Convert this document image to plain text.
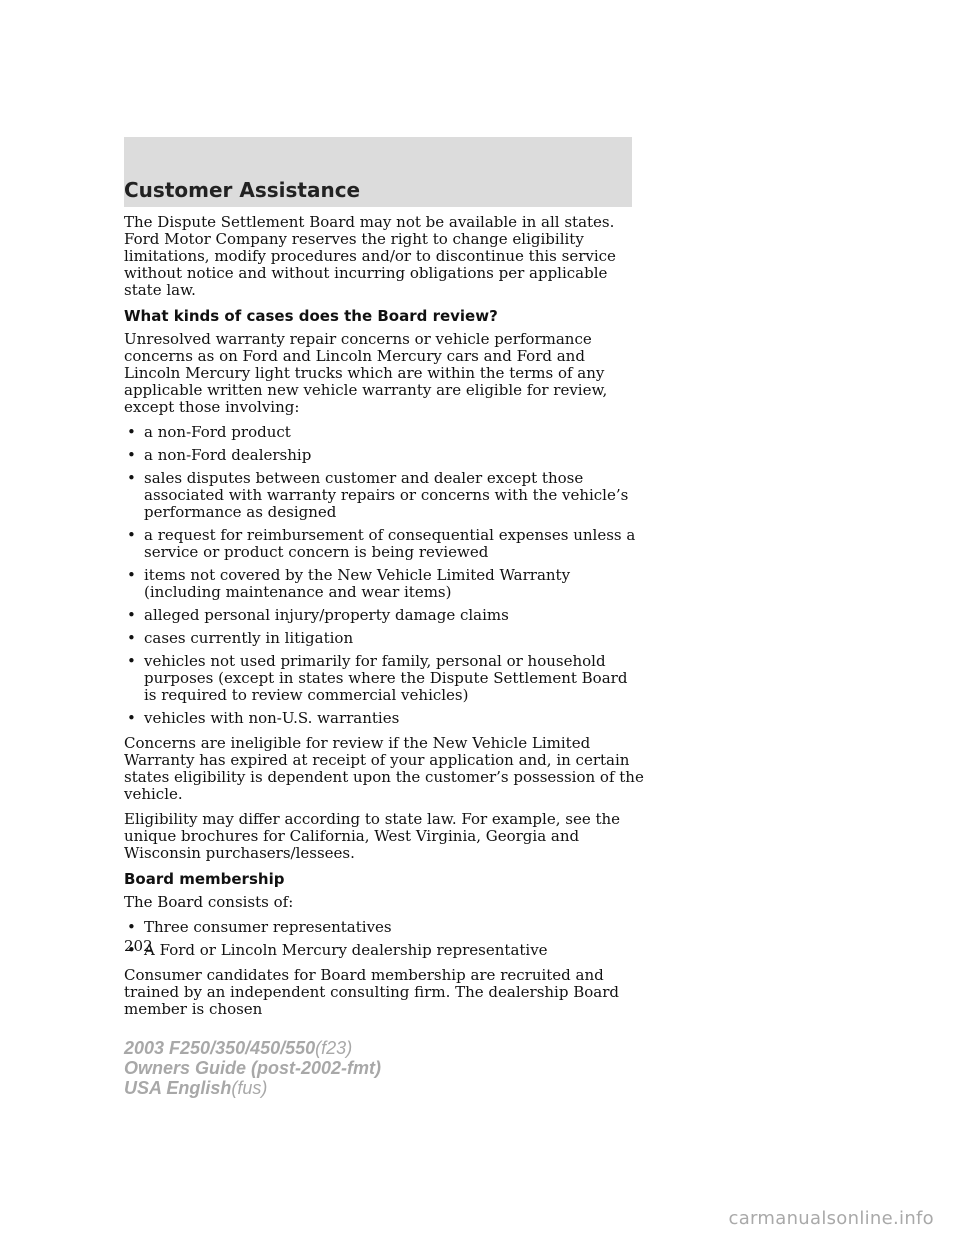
Customer Assistance

The Dispute Settlement Board may not be available in all states. Ford Motor Company reserves the right to change eligibility limitations, modify procedures and/or to discontinue this service without notice and without incurring obligations per applicable state law.

What kinds of cases does the Board review?

Unresolved warranty repair concerns or vehicle performance concerns as on Ford and Lincoln Mercury cars and Ford and Lincoln Mercury light trucks which are within the terms of any applicable written new vehicle warranty are eligible for review, except those involving:

• a non-Ford product
• a non-Ford dealership
• sales disputes between customer and dealer except those associated with warranty repairs or concerns with the vehicle’s performance as designed
• a request for reimbursement of consequential expenses unless a service or product concern is being reviewed
• items not covered by the New Vehicle Limited Warranty (including maintenance and wear items)
• alleged personal injury/property damage claims
• cases currently in litigation
• vehicles not used primarily for family, personal or household purposes (except in states where the Dispute Settlement Board is required to review commercial vehicles)
• vehicles with non-U.S. warranties

Concerns are ineligible for review if the New Vehicle Limited Warranty has expired at receipt of your application and, in certain states eligibility is dependent upon the customer’s possession of the vehicle.

Eligibility may differ according to state law. For example, see the unique brochures for California, West Virginia, Georgia and Wisconsin purchasers/lessees.

Board membership

The Board consists of:

• Three consumer representatives
• A Ford or Lincoln Mercury dealership representative

Consumer candidates for Board membership are recruited and trained by an independent consulting firm. The dealership Board member is chosen

202
2003 F250/350/450/550(f23)
Owners Guide (post-2002-fmt)
USA English(fus)
carmanualsonline.info
